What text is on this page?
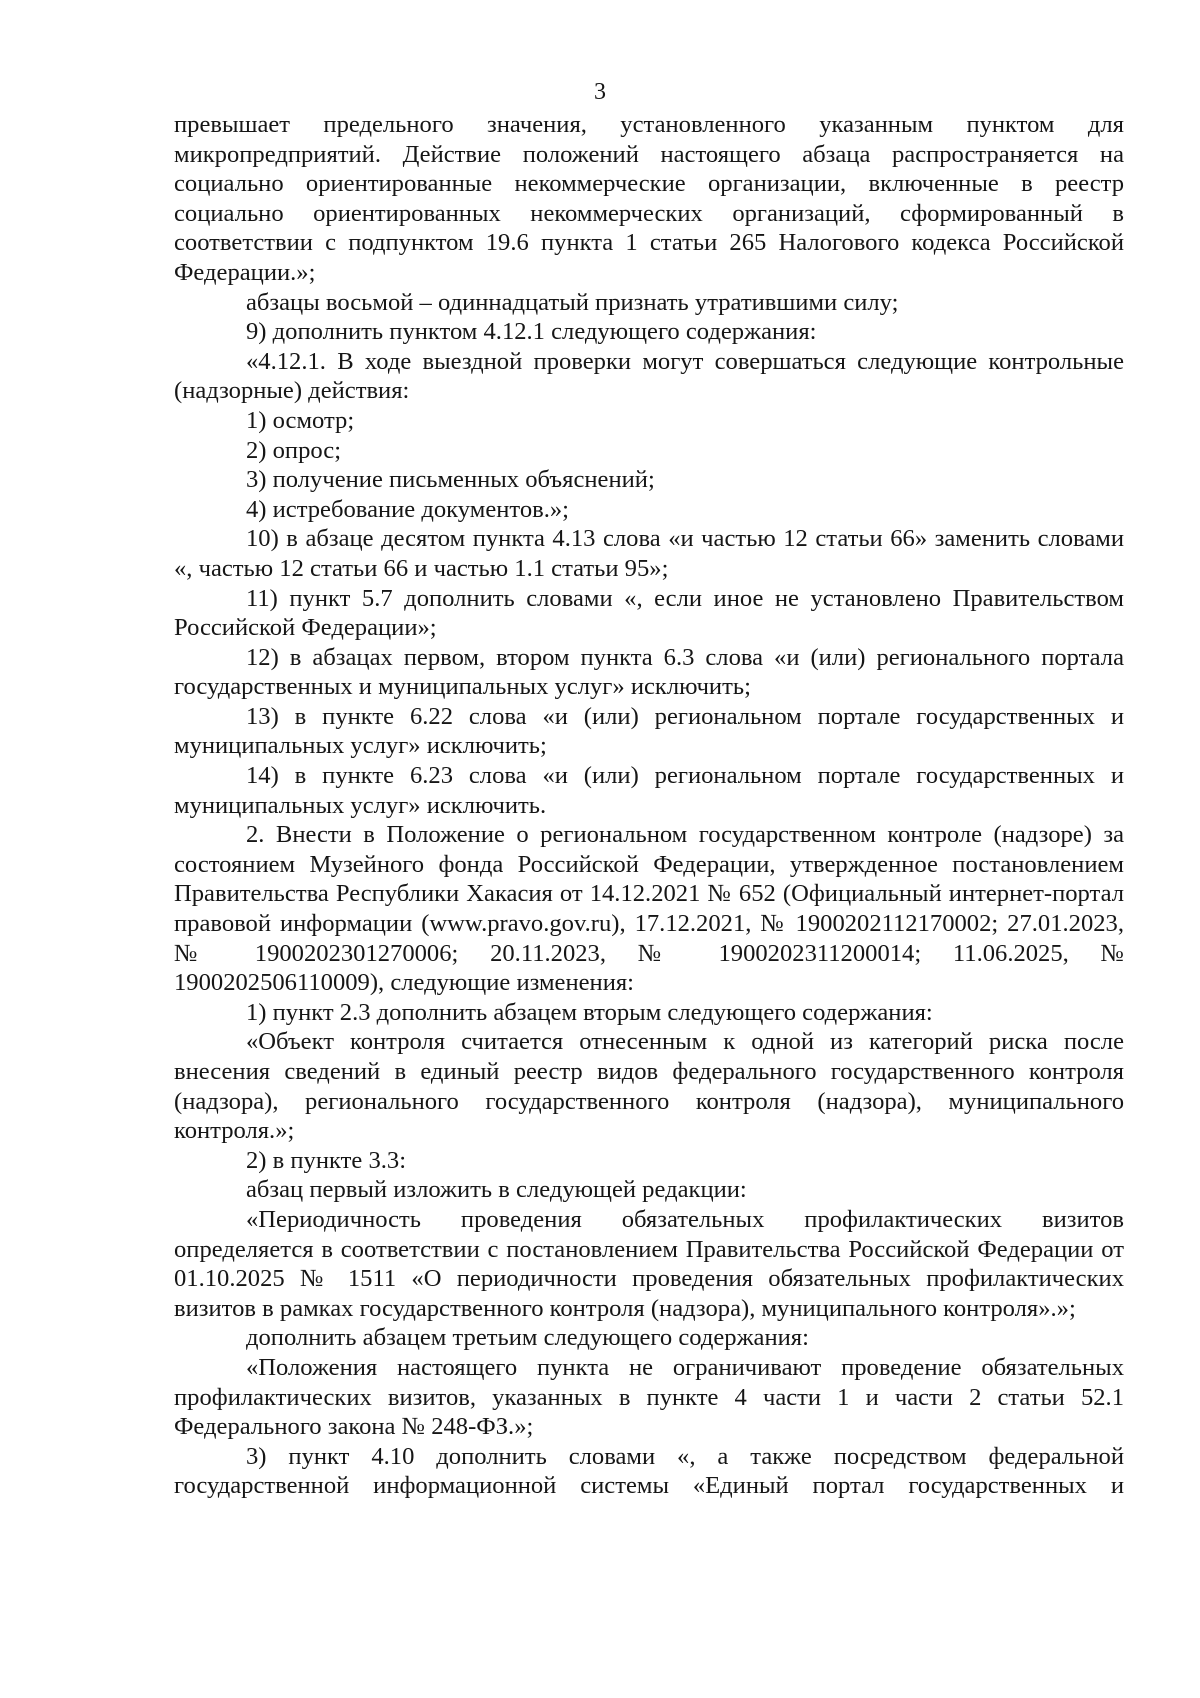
3

превышает предельного значения, установленного указанным пунктом для микропредприятий. Действие положений настоящего абзаца распространяется на социально ориентированные некоммерческие организации, включенные в реестр социально ориентированных некоммерческих организаций, сформированный в соответствии с подпунктом 19.6 пункта 1 статьи 265 Налогового кодекса Российской Федерации.»;

абзацы восьмой – одиннадцатый признать утратившими силу;

9) дополнить пунктом 4.12.1 следующего содержания:

«4.12.1. В ходе выездной проверки могут совершаться следующие контрольные (надзорные) действия:

1) осмотр;

2) опрос;

3) получение письменных объяснений;

4) истребование документов.»;

10) в абзаце десятом пункта 4.13 слова «и частью 12 статьи 66» заменить словами «, частью 12 статьи 66 и частью 1.1 статьи 95»;

11) пункт 5.7 дополнить словами «, если иное не установлено Правительством Российской Федерации»;

12) в абзацах первом, втором пункта 6.3 слова «и (или) регионального портала государственных и муниципальных услуг» исключить;

13) в пункте 6.22 слова «и (или) региональном портале государственных и муниципальных услуг» исключить;

14) в пункте 6.23 слова «и (или) региональном портале государственных и муниципальных услуг» исключить.

2. Внести в Положение о региональном государственном контроле (надзоре) за состоянием Музейного фонда Российской Федерации, утвержденное постановлением Правительства Республики Хакасия от 14.12.2021 № 652 (Официальный интернет-портал правовой информации (www.pravo.gov.ru), 17.12.2021, № 1900202112170002; 27.01.2023, № 1900202301270006; 20.11.2023, № 1900202311200014; 11.06.2025, № 1900202506110009), следующие изменения:

1) пункт 2.3 дополнить абзацем вторым следующего содержания:

«Объект контроля считается отнесенным к одной из категорий риска после внесения сведений в единый реестр видов федерального государственного контроля (надзора), регионального государственного контроля (надзора), муниципального контроля.»;

2) в пункте 3.3:

абзац первый изложить в следующей редакции:

«Периодичность проведения обязательных профилактических визитов определяется в соответствии с постановлением Правительства Российской Федерации от 01.10.2025 № 1511 «О периодичности проведения обязательных профилактических визитов в рамках государственного контроля (надзора), муниципального контроля».»;

дополнить абзацем третьим следующего содержания:

«Положения настоящего пункта не ограничивают проведение обязательных профилактических визитов, указанных в пункте 4 части 1 и части 2 статьи 52.1 Федерального закона № 248-ФЗ.»;

3) пункт 4.10 дополнить словами «, а также посредством федеральной государственной информационной системы «Единый портал государственных и
